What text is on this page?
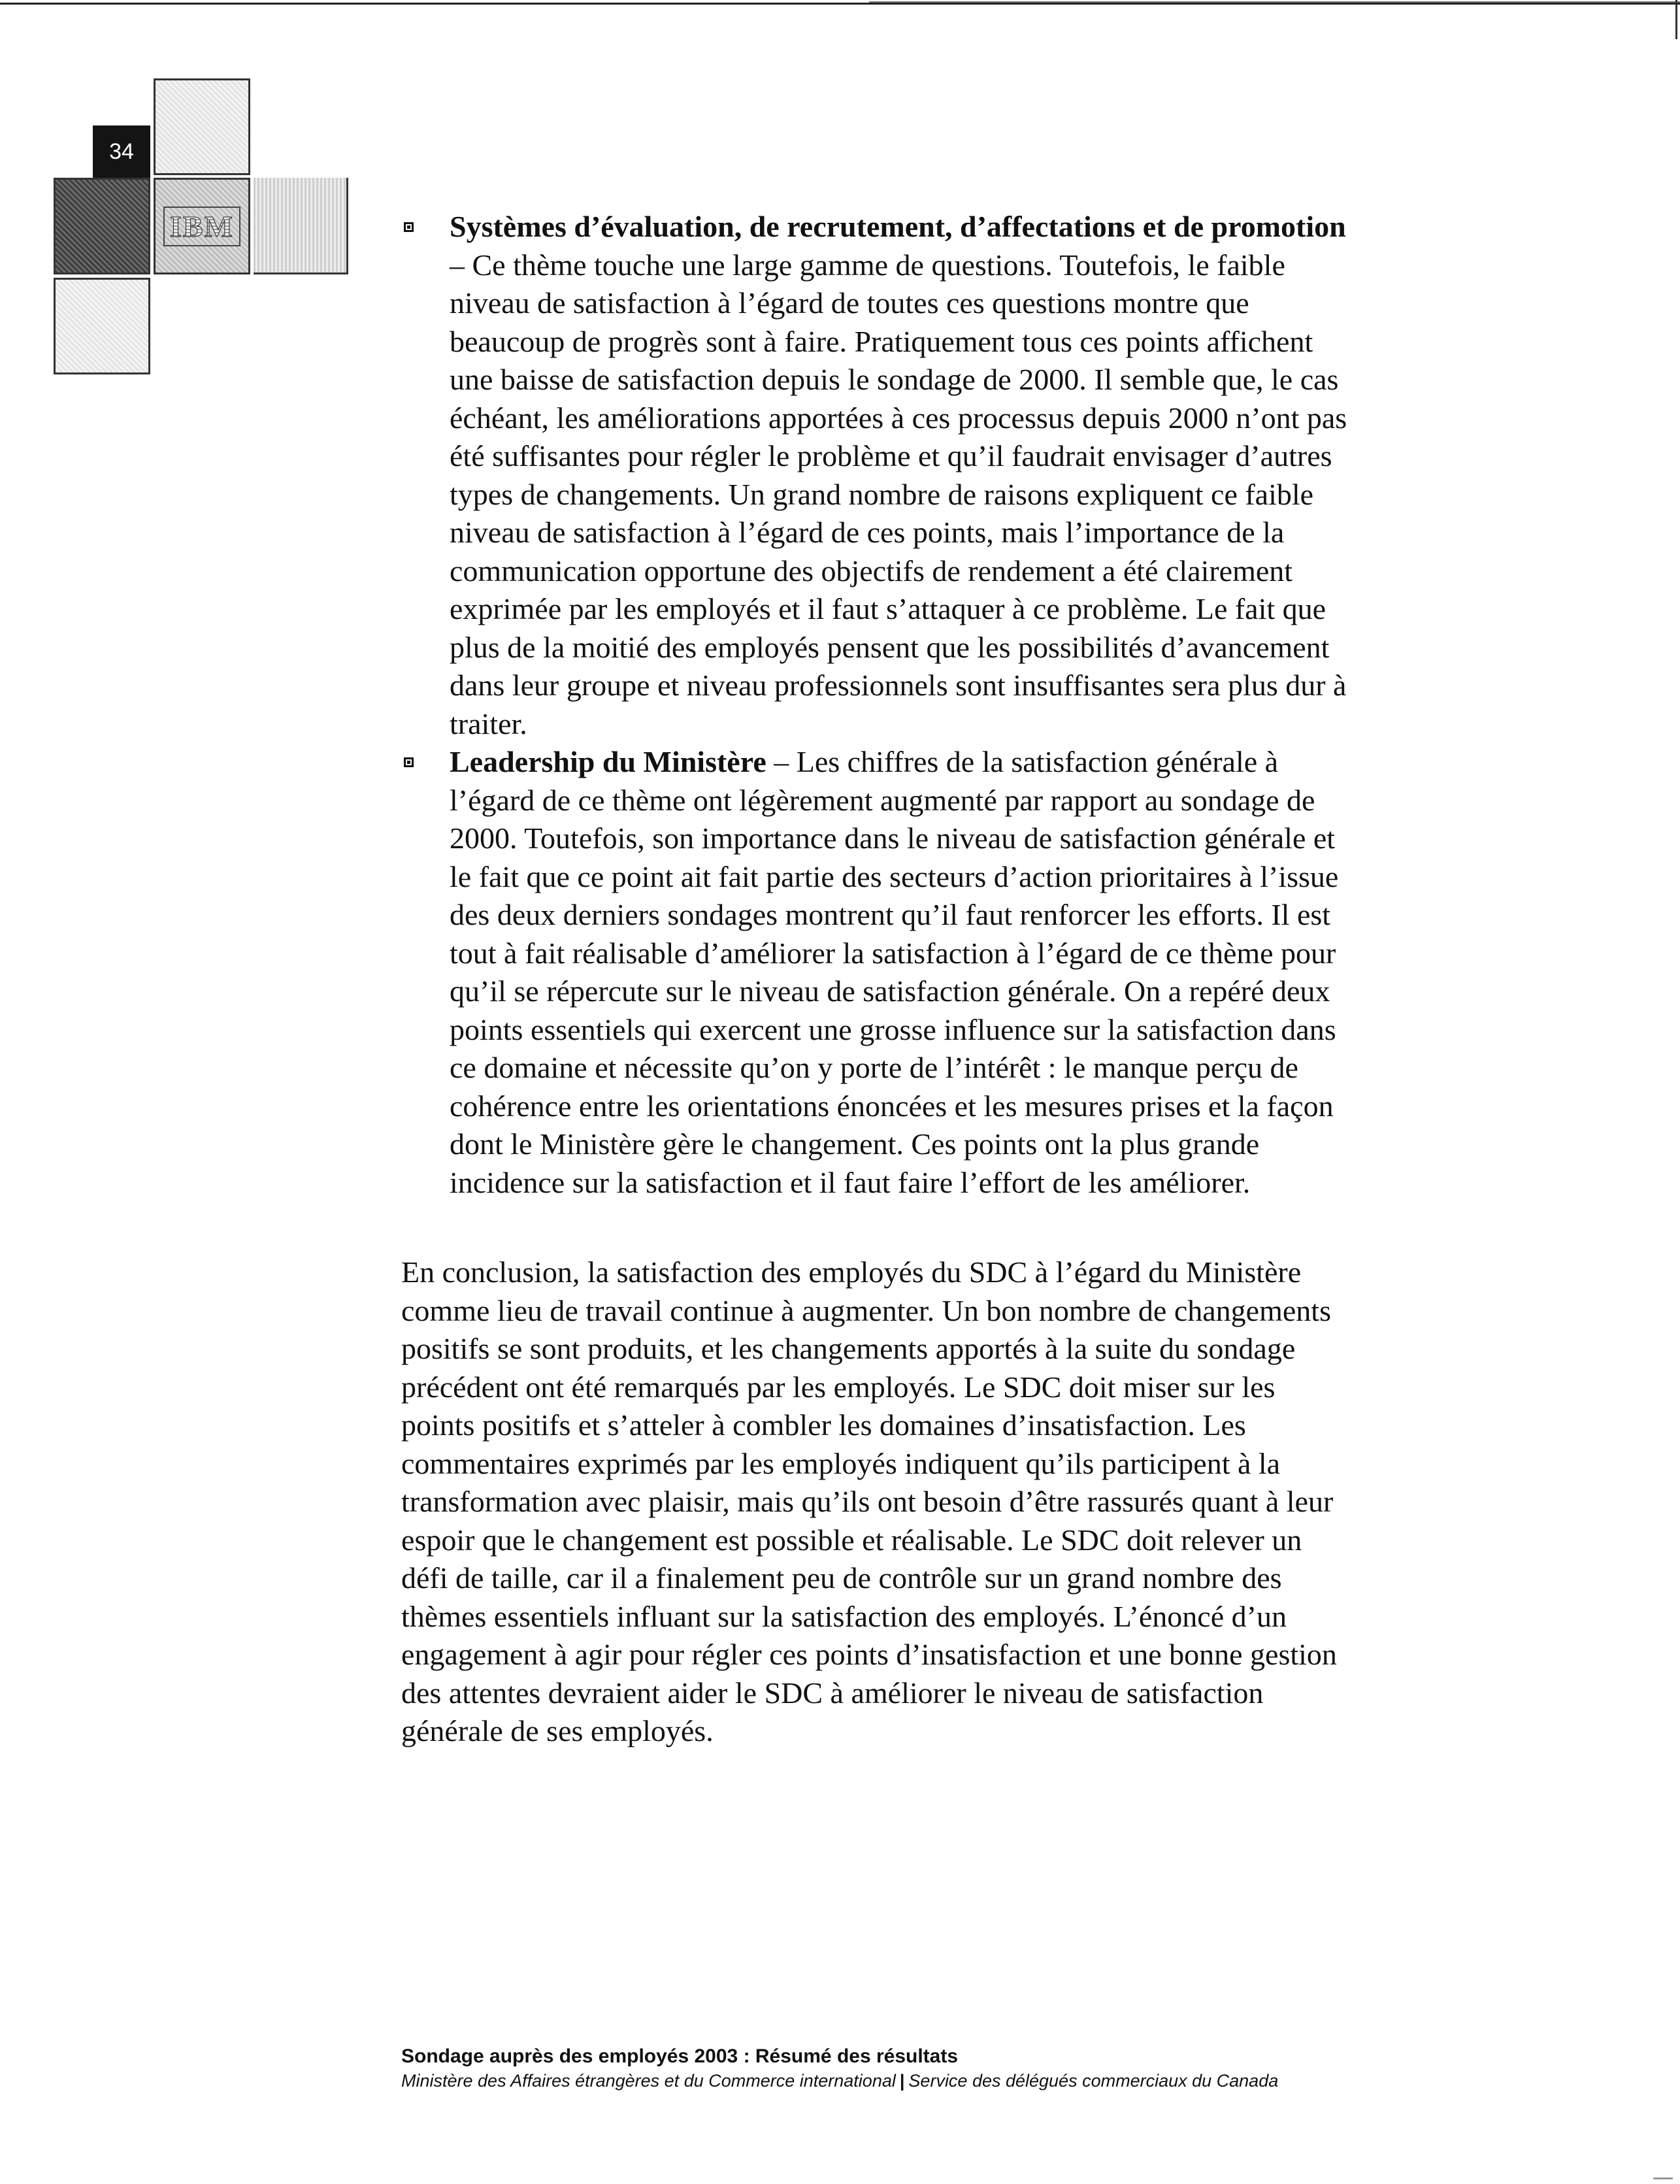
IBM
34
Systèmes d’évaluation, de recrutement, d’affectations et de promotion
– Ce thème touche une large gamme de questions. Toutefois, le faible
niveau de satisfaction à l’égard de toutes ces questions montre que
beaucoup de progrès sont à faire. Pratiquement tous ces points affichent
une baisse de satisfaction depuis le sondage de 2000. Il semble que, le cas
échéant, les améliorations apportées à ces processus depuis 2000 n’ont pas
été suffisantes pour régler le problème et qu’il faudrait envisager d’autres
types de changements. Un grand nombre de raisons expliquent ce faible
niveau de satisfaction à l’égard de ces points, mais l’importance de la
communication opportune des objectifs de rendement a été clairement
exprimée par les employés et il faut s’attaquer à ce problème. Le fait que
plus de la moitié des employés pensent que les possibilités d’avancement
dans leur groupe et niveau professionnels sont insuffisantes sera plus dur à
traiter.
Leadership du Ministère – Les chiffres de la satisfaction générale à
l’égard de ce thème ont légèrement augmenté par rapport au sondage de
2000. Toutefois, son importance dans le niveau de satisfaction générale et
le fait que ce point ait fait partie des secteurs d’action prioritaires à l’issue
des deux derniers sondages montrent qu’il faut renforcer les efforts. Il est
tout à fait réalisable d’améliorer la satisfaction à l’égard de ce thème pour
qu’il se répercute sur le niveau de satisfaction générale. On a repéré deux
points essentiels qui exercent une grosse influence sur la satisfaction dans
ce domaine et nécessite qu’on y porte de l’intérêt : le manque perçu de
cohérence entre les orientations énoncées et les mesures prises et la façon
dont le Ministère gère le changement. Ces points ont la plus grande
incidence sur la satisfaction et il faut faire l’effort de les améliorer.

En conclusion, la satisfaction des employés du SDC à l’égard du Ministère
comme lieu de travail continue à augmenter. Un bon nombre de changements
positifs se sont produits, et les changements apportés à la suite du sondage
précédent ont été remarqués par les employés. Le SDC doit miser sur les
points positifs et s’atteler à combler les domaines d’insatisfaction. Les
commentaires exprimés par les employés indiquent qu’ils participent à la
transformation avec plaisir, mais qu’ils ont besoin d’être rassurés quant à leur
espoir que le changement est possible et réalisable. Le SDC doit relever un
défi de taille, car il a finalement peu de contrôle sur un grand nombre des
thèmes essentiels influant sur la satisfaction des employés. L’énoncé d’un
engagement à agir pour régler ces points d’insatisfaction et une bonne gestion
des attentes devraient aider le SDC à améliorer le niveau de satisfaction
générale de ses employés.

Sondage auprès des employés 2003 : Résumé des résultats
Ministère des Affaires étrangères et du Commerce international | Service des délégués commerciaux du Canada
